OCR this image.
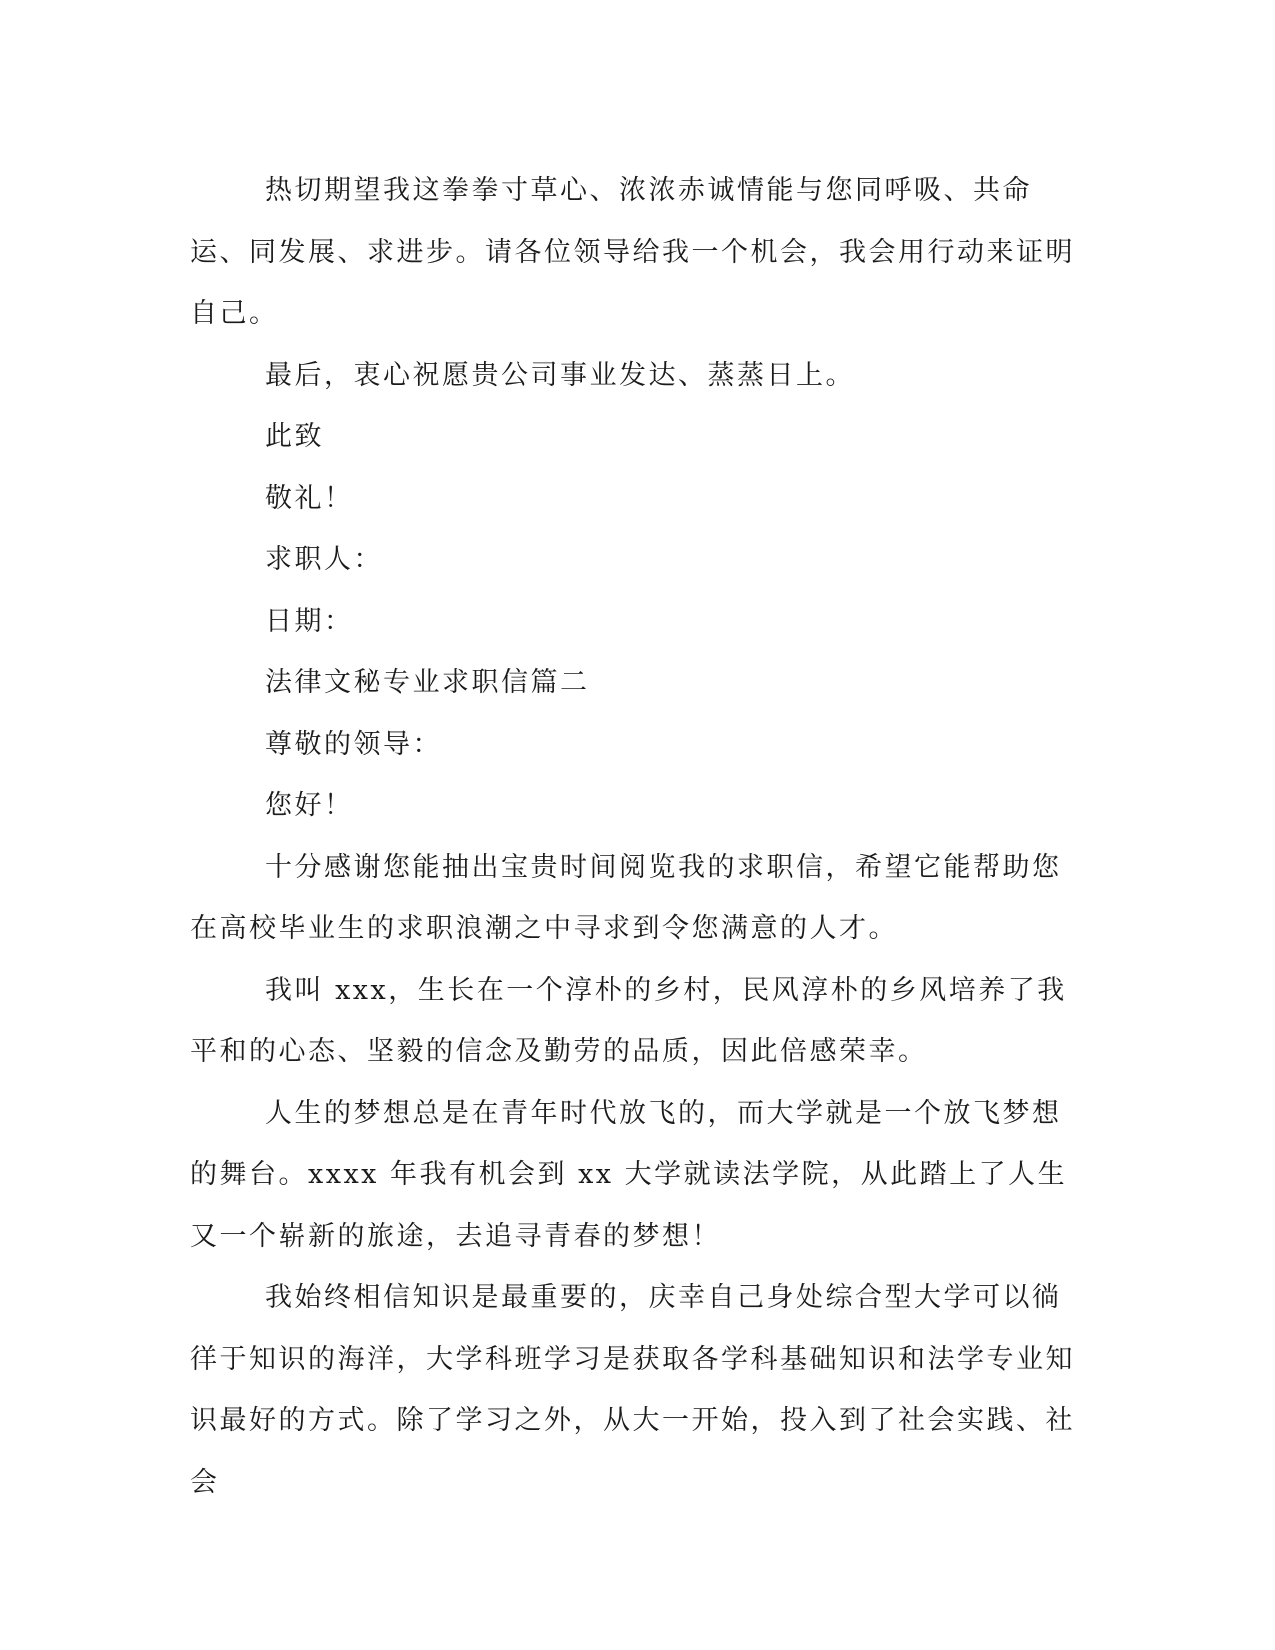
热切期望我这拳拳寸草心、浓浓赤诚情能与您同呼吸、共命运、同发展、求进步。请各位领导给我一个机会，我会用行动来证明自己。

最后，衷心祝愿贵公司事业发达、蒸蒸日上。

此致

敬礼！

求职人：

日期：

法律文秘专业求职信篇二

尊敬的领导：

您好！

十分感谢您能抽出宝贵时间阅览我的求职信，希望它能帮助您在高校毕业生的求职浪潮之中寻求到令您满意的人才。

我叫 xxx，生长在一个淳朴的乡村，民风淳朴的乡风培养了我平和的心态、坚毅的信念及勤劳的品质，因此倍感荣幸。

人生的梦想总是在青年时代放飞的，而大学就是一个放飞梦想的舞台。xxxx 年我有机会到 xx 大学就读法学院，从此踏上了人生又一个崭新的旅途，去追寻青春的梦想！

我始终相信知识是最重要的，庆幸自己身处综合型大学可以徜徉于知识的海洋，大学科班学习是获取各学科基础知识和法学专业知识最好的方式。除了学习之外，从大一开始，投入到了社会实践、社会
